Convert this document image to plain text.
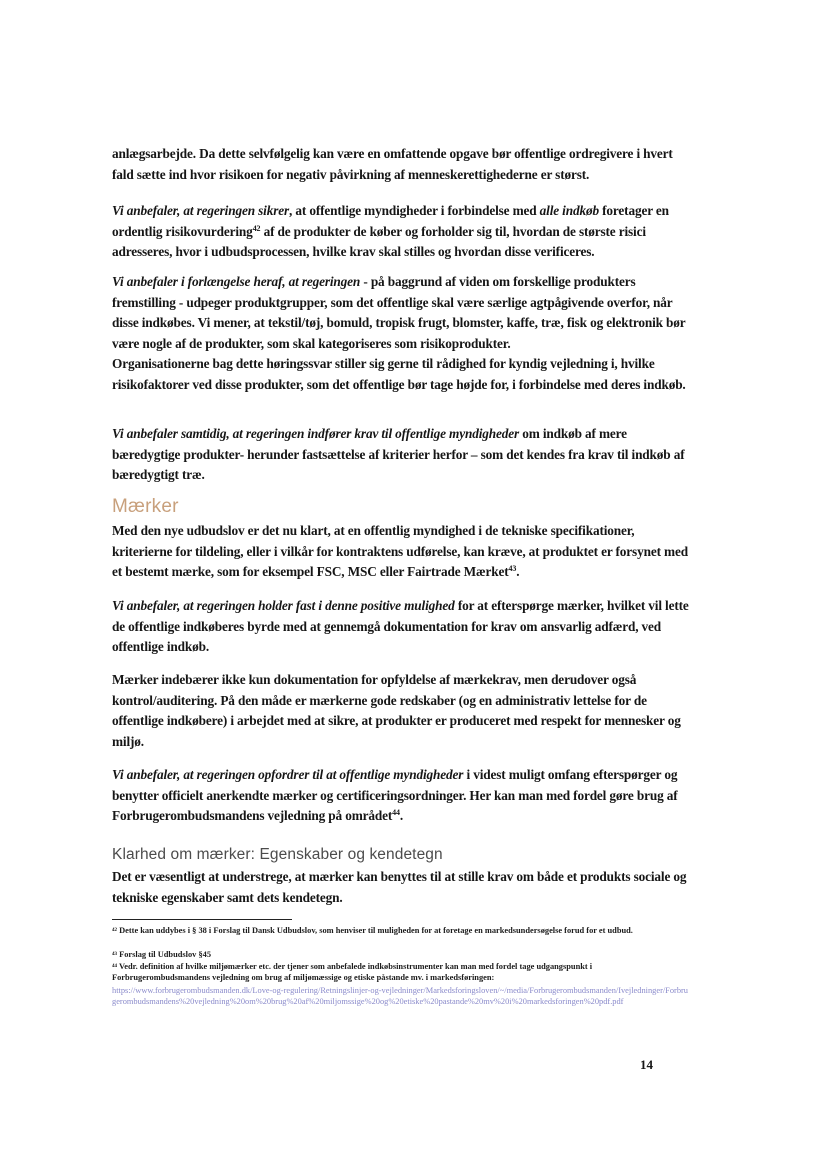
anlægsarbejde. Da dette selvfølgelig kan være en omfattende opgave bør offentlige ordregivere i hvert fald sætte ind hvor risikoen for negativ påvirkning af menneskerettighederne er størst.

Vi anbefaler, at regeringen sikrer, at offentlige myndigheder i forbindelse med alle indkøb foretager en ordentlig risikovurdering$^{42}$ af de produkter de køber og forholder sig til, hvordan de største risici adresseres, hvor i udbudsprocessen, hvilke krav skal stilles og hvordan disse verificeres.

Vi anbefaler i forlængelse heraf, at regeringen - på baggrund af viden om forskellige produkters fremstilling - udpeger produktgrupper, som det offentlige skal være særlige agtpågivende overfor, når disse indkøbes. Vi mener, at tekstil/tøj, bomuld, tropisk frugt, blomster, kaffe, træ, fisk og elektronik bør være nogle af de produkter, som skal kategoriseres som risikoprodukter.

Organisationerne bag dette høringssvar stiller sig gerne til rådighed for kyndig vejledning i, hvilke risikofaktorer ved disse produkter, som det offentlige bør tage højde for, i forbindelse med deres indkøb.

Vi anbefaler samtidig, at regeringen indfører krav til offentlige myndigheder om indkøb af mere bæredygtige produkter- herunder fastsættelse af kriterier herfor – som det kendes fra krav til indkøb af bæredygtigt træ.

Mærker

Med den nye udbudslov er det nu klart, at en offentlig myndighed i de tekniske specifikationer, kriterierne for tildeling, eller i vilkår for kontraktens udførelse, kan kræve, at produktet er forsynet med et bestemt mærke, som for eksempel FSC, MSC eller Fairtrade Mærket$^{43}$.

Vi anbefaler, at regeringen holder fast i denne positive mulighed for at efterspørge mærker, hvilket vil lette de offentlige indkøberes byrde med at gennemgå dokumentation for krav om ansvarlig adfærd, ved offentlige indkøb.

Mærker indebærer ikke kun dokumentation for opfyldelse af mærkekrav, men derudover også kontrol/auditering. På den måde er mærkerne gode redskaber (og en administrativ lettelse for de offentlige indkøbere) i arbejdet med at sikre, at produkter er produceret med respekt for mennesker og miljø.

Vi anbefaler, at regeringen opfordrer til at offentlige myndigheder i videst muligt omfang efterspørger og benytter officielt anerkendte mærker og certificeringsordninger. Her kan man med fordel gøre brug af Forbrugerombudsmandens vejledning på området$^{44}$.

Klarhed om mærker: Egenskaber og kendetegn

Det er væsentligt at understrege, at mærker kan benyttes til at stille krav om både et produkts sociale og tekniske egenskaber samt dets kendetegn.

⁴² Dette kan uddybes i § 38 i Forslag til Dansk Udbudslov, som henviser til muligheden for at foretage en markedsundersøgelse forud for et udbud.
⁴³ Forslag til Udbudslov §45
⁴⁴ Vedr. definition af hvilke miljømærker etc. der tjener som anbefalede indkøbsinstrumenter kan man med fordel tage udgangspunkt i Forbrugerombudsmandens vejledning om brug af miljømæssige og etiske påstande mv. i markedsføringen:
https://www.forbrugerombudsmanden.dk/Love-og-regulering/Retningslinjer-og-vejledninger/Markedsforingsloven/~/media/Forbrugerombudsmanden/Ivejledninger/Forbrugerombudsmandens%20vejledning%20om%20brug%20af%20miljomssige%20og%20etiske%20pastande%20mv%20i%20markedsforingen%20pdf.pdf
14
